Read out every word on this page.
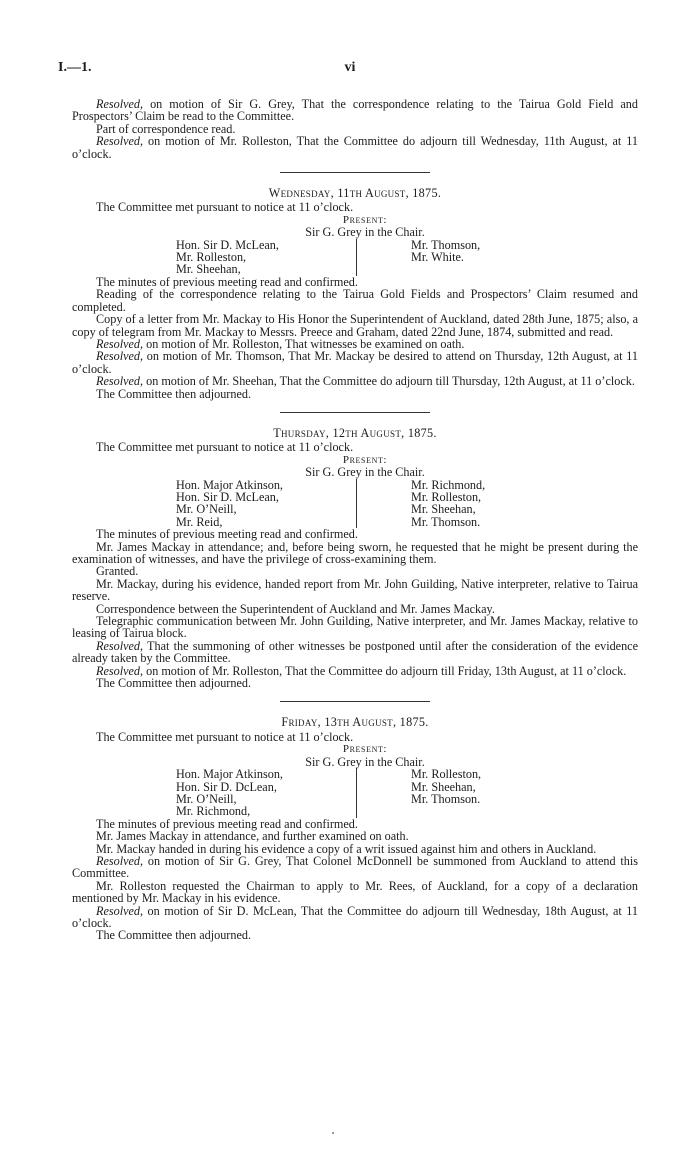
I.—1.	vi

Resolved, on motion of Sir G. Grey, That the correspondence relating to the Tairua Gold Field and Prospectors’ Claim be read to the Committee.

Part of correspondence read.

Resolved, on motion of Mr. Rolleston, That the Committee do adjourn till Wednesday, 11th August, at 11 o’clock.

Wednesday, 11th August, 1875.

The Committee met pursuant to notice at 11 o’clock.

Present:

Sir G. Grey in the Chair.

Hon. Sir D. McLean,
Mr. Rolleston,
Mr. Sheehan,
Mr. Thomson,
Mr. White.

The minutes of previous meeting read and confirmed.

Reading of the correspondence relating to the Tairua Gold Fields and Prospectors’ Claim resumed and completed.

Copy of a letter from Mr. Mackay to His Honor the Superintendent of Auckland, dated 28th June, 1875; also, a copy of telegram from Mr. Mackay to Messrs. Preece and Graham, dated 22nd June, 1874, submitted and read.

Resolved, on motion of Mr. Rolleston, That witnesses be examined on oath.

Resolved, on motion of Mr. Thomson, That Mr. Mackay be desired to attend on Thursday, 12th August, at 11 o’clock.

Resolved, on motion of Mr. Sheehan, That the Committee do adjourn till Thursday, 12th August, at 11 o’clock.

The Committee then adjourned.

Thursday, 12th August, 1875.

The Committee met pursuant to notice at 11 o’clock.

Present:

Sir G. Grey in the Chair.

Hon. Major Atkinson,
Hon. Sir D. McLean,
Mr. O’Neill,
Mr. Reid,
Mr. Richmond,
Mr. Rolleston,
Mr. Sheehan,
Mr. Thomson.

The minutes of previous meeting read and confirmed.

Mr. James Mackay in attendance; and, before being sworn, he requested that he might be present during the examination of witnesses, and have the privilege of cross-examining them.

Granted.

Mr. Mackay, during his evidence, handed report from Mr. John Guilding, Native interpreter, relative to Tairua reserve.

Correspondence between the Superintendent of Auckland and Mr. James Mackay.

Telegraphic communication between Mr. John Guilding, Native interpreter, and Mr. James Mackay, relative to leasing of Tairua block.

Resolved, That the summoning of other witnesses be postponed until after the consideration of the evidence already taken by the Committee.

Resolved, on motion of Mr. Rolleston, That the Committee do adjourn till Friday, 13th August, at 11 o’clock.

The Committee then adjourned.

Friday, 13th August, 1875.

The Committee met pursuant to notice at 11 o’clock.

Present:

Sir G. Grey in the Chair.

Hon. Major Atkinson,
Hon. Sir D. DcLean,
Mr. O’Neill,
Mr. Richmond,
Mr. Rolleston,
Mr. Sheehan,
Mr. Thomson.

The minutes of previous meeting read and confirmed.

Mr. James Mackay in attendance, and further examined on oath.

Mr. Mackay handed in during his evidence a copy of a writ issued against him and others in Auckland.

Resolved, on motion of Sir G. Grey, That Colonel McDonnell be summoned from Auckland to attend this Committee.

Mr. Rolleston requested the Chairman to apply to Mr. Rees, of Auckland, for a copy of a declaration mentioned by Mr. Mackay in his evidence.

Resolved, on motion of Sir D. McLean, That the Committee do adjourn till Wednesday, 18th August, at 11 o’clock.

The Committee then adjourned.
